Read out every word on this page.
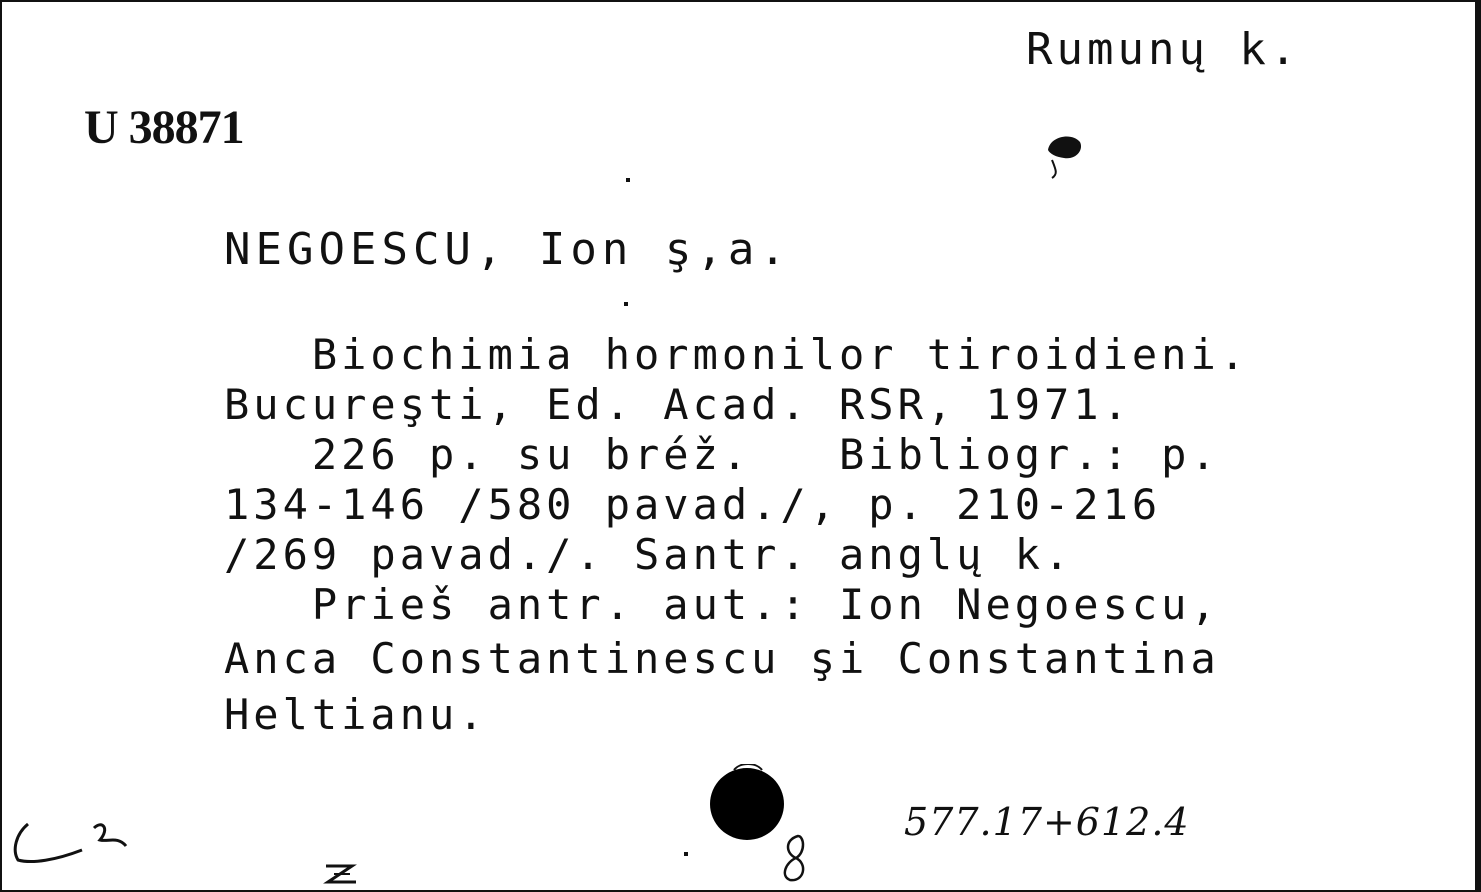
Rumunų k.
U 38871
NEGOESCU, Ion ş,a.
Biochimia hormonilor tiroidieni.
Bucureşti, Ed. Acad. RSR, 1971.
226 p. su bréž.   Bibliogr.: p.
134-146 /580 pavad./, p. 210-216
/269 pavad./. Santr. anglų k.
Prieš antr. aut.: Ion Negoescu,
Anca Constantinescu şi Constantina
Heltianu.
577.17+612.4
